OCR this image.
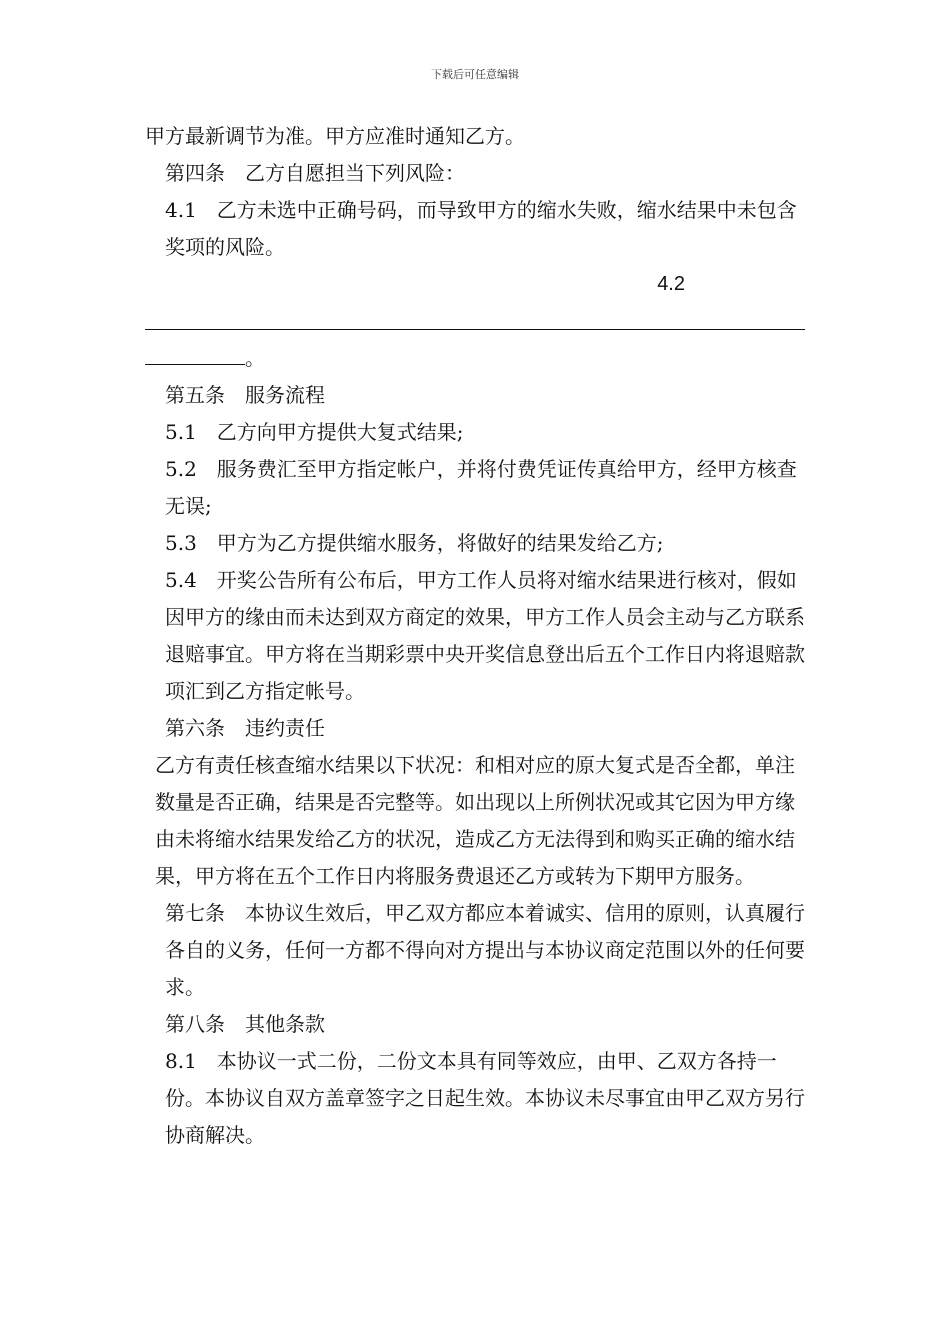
下载后可任意编辑

甲方最新调节为准。甲方应准时通知乙方。

第四条　乙方自愿担当下列风险：

4.1　乙方未选中正确号码，而导致甲方的缩水失败，缩水结果中未包含奖项的风险。

4.2

。

第五条　服务流程

5.1　乙方向甲方提供大复式结果;

5.2　服务费汇至甲方指定帐户，并将付费凭证传真给甲方，经甲方核查无误;

5.3　甲方为乙方提供缩水服务，将做好的结果发给乙方;

5.4　开奖公告所有公布后，甲方工作人员将对缩水结果进行核对，假如因甲方的缘由而未达到双方商定的效果，甲方工作人员会主动与乙方联系退赔事宜。甲方将在当期彩票中央开奖信息登出后五个工作日内将退赔款项汇到乙方指定帐号。

第六条　违约责任

乙方有责任核查缩水结果以下状况：和相对应的原大复式是否全都，单注数量是否正确，结果是否完整等。如出现以上所例状况或其它因为甲方缘由未将缩水结果发给乙方的状况，造成乙方无法得到和购买正确的缩水结果，甲方将在五个工作日内将服务费退还乙方或转为下期甲方服务。

第七条　本协议生效后，甲乙双方都应本着诚实、信用的原则，认真履行各自的义务，任何一方都不得向对方提出与本协议商定范围以外的任何要求。

第八条　其他条款

8.1　本协议一式二份，二份文本具有同等效应，由甲、乙双方各持一份。本协议自双方盖章签字之日起生效。本协议未尽事宜由甲乙双方另行协商解决。
